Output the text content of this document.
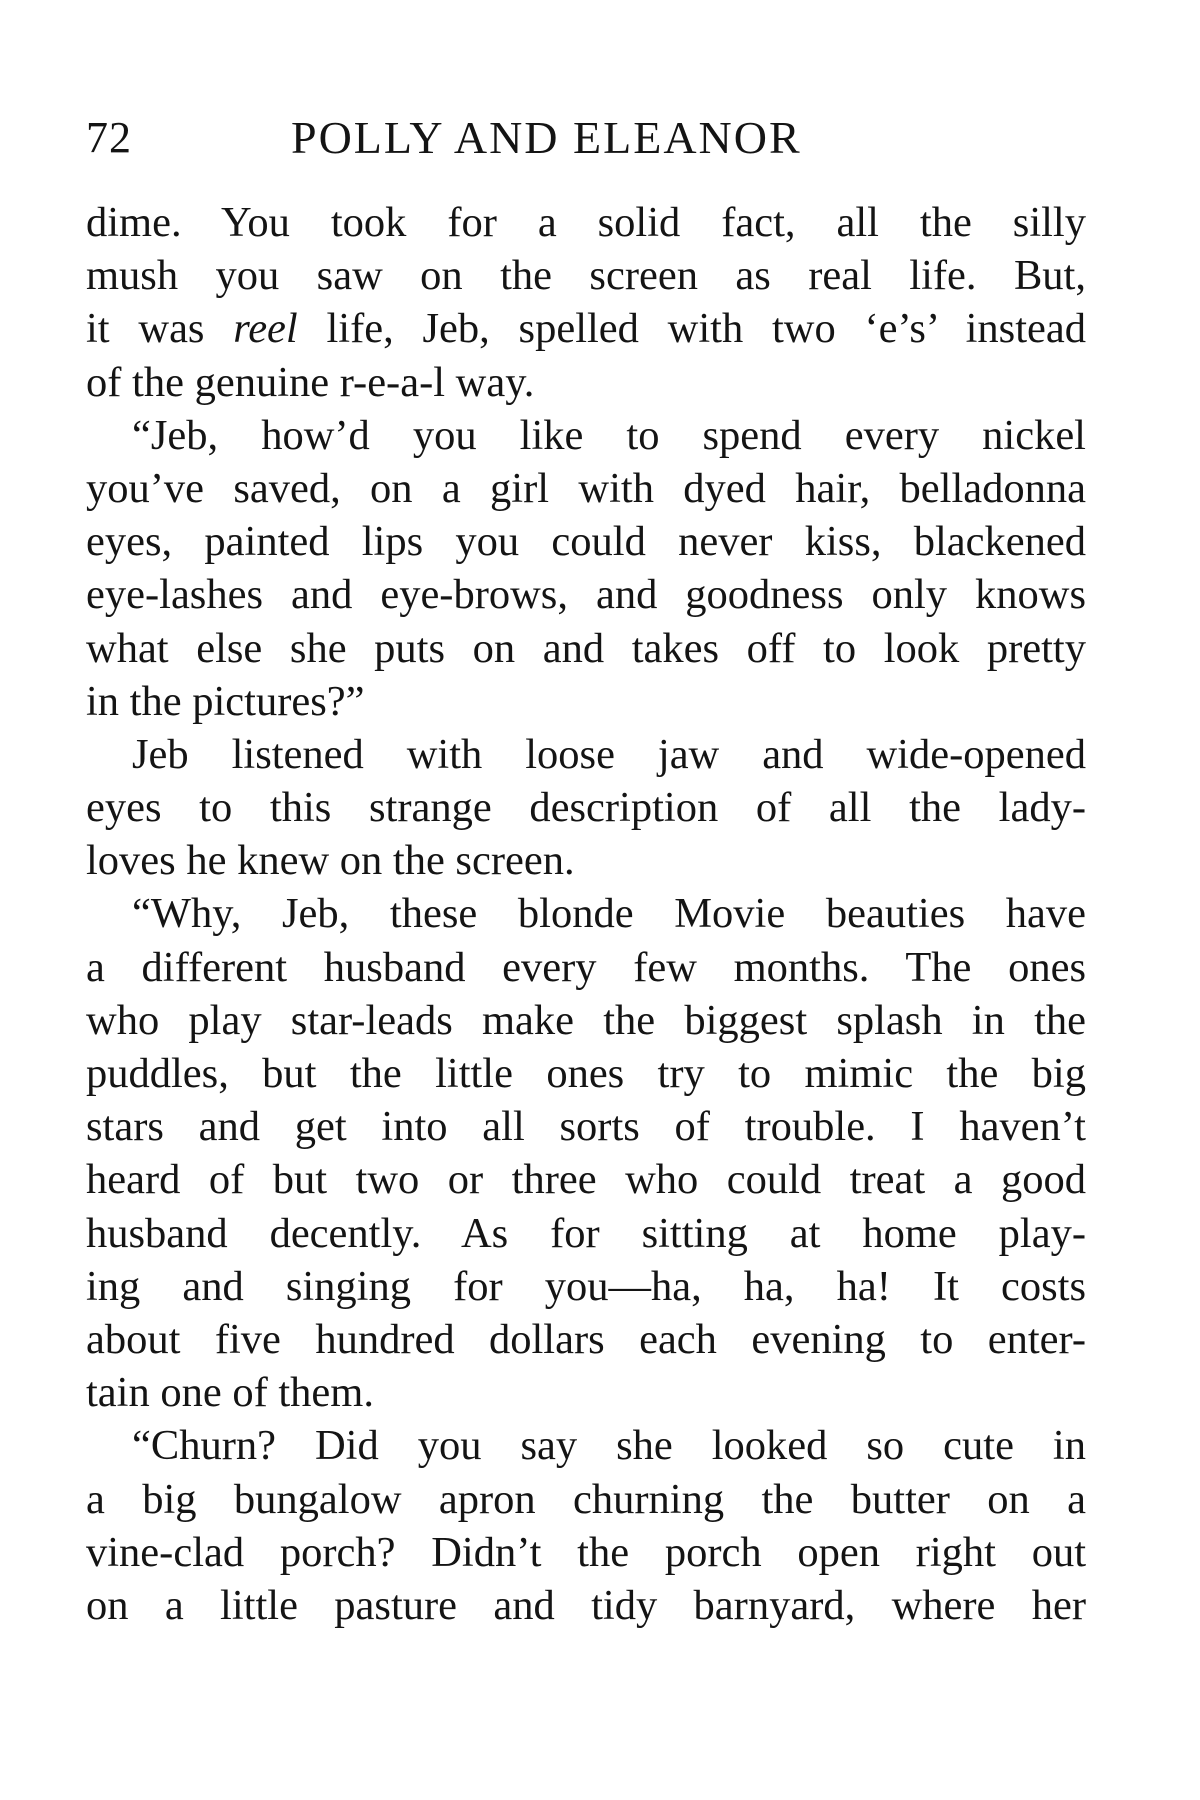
72	POLLY AND ELEANOR
dime. You took for a solid fact, all the silly
mush you saw on the screen as real life. But,
it was reel life, Jeb, spelled with two ‘e’s’ instead
of the genuine r-e-a-l way.
“Jeb, how’d you like to spend every nickel
you’ve saved, on a girl with dyed hair, belladonna
eyes, painted lips you could never kiss, blackened
eye-lashes and eye-brows, and goodness only knows
what else she puts on and takes off to look pretty
in the pictures?”
Jeb listened with loose jaw and wide-opened
eyes to this strange description of all the lady-
loves he knew on the screen.
“Why, Jeb, these blonde Movie beauties have
a different husband every few months. The ones
who play star-leads make the biggest splash in the
puddles, but the little ones try to mimic the big
stars and get into all sorts of trouble. I haven’t
heard of but two or three who could treat a good
husband decently. As for sitting at home play-
ing and singing for you—ha, ha, ha! It costs
about five hundred dollars each evening to enter-
tain one of them.
“Churn? Did you say she looked so cute in
a big bungalow apron churning the butter on a
vine-clad porch? Didn’t the porch open right out
on a little pasture and tidy barnyard, where her
